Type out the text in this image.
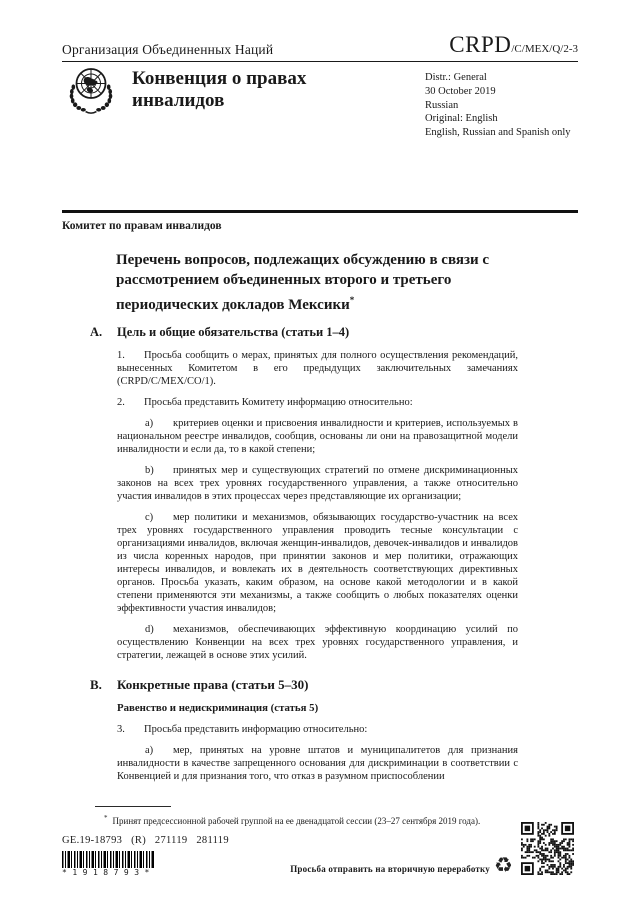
Организация Объединенных Наций	CRPD/C/MEX/Q/2-3
Конвенция о правах инвалидов
Distr.: General
30 October 2019
Russian
Original: English
English, Russian and Spanish only
Комитет по правам инвалидов
Перечень вопросов, подлежащих обсуждению в связи с рассмотрением объединенных второго и третьего периодических докладов Мексики*
A.	Цель и общие обязательства (статьи 1–4)

1. Просьба сообщить о мерах, принятых для полного осуществления рекомендаций, вынесенных Комитетом в его предыдущих заключительных замечаниях (CRPD/C/MEX/CO/1).

2. Просьба представить Комитету информацию относительно:

a) критериев оценки и присвоения инвалидности и критериев, используемых в национальном реестре инвалидов, сообщив, основаны ли они на правозащитной модели инвалидности и если да, то в какой степени;

b) принятых мер и существующих стратегий по отмене дискриминационных законов на всех трех уровнях государственного управления, а также относительно участия инвалидов в этих процессах через представляющие их организации;

c) мер политики и механизмов, обязывающих государство-участник на всех трех уровнях государственного управления проводить тесные консультации с организациями инвалидов, включая женщин-инвалидов, девочек-инвалидов и инвалидов из числа коренных народов, при принятии законов и мер политики, отражающих интересы инвалидов, и вовлекать их в деятельность соответствующих директивных органов. Просьба указать, каким образом, на основе какой методологии и в какой степени применяются эти механизмы, а также сообщить о любых показателях оценки эффективности участия инвалидов;

d) механизмов, обеспечивающих эффективную координацию усилий по осуществлению Конвенции на всех трех уровнях государственного управления, и стратегии, лежащей в основе этих усилий.

B.	Конкретные права (статьи 5–30)
Равенство и недискриминация (статья 5)

3. Просьба представить информацию относительно:

a) мер, принятых на уровне штатов и муниципалитетов для признания инвалидности в качестве запрещенного основания для дискриминации в соответствии с Конвенцией и для признания того, что отказ в разумном приспособлении

* Принят предсессионной рабочей группой на ее двенадцатой сессии (23–27 сентября 2019 года).
GE.19-18793 (R) 271119 281119
*1918793*	Просьба отправить на вторичную переработку ♻
